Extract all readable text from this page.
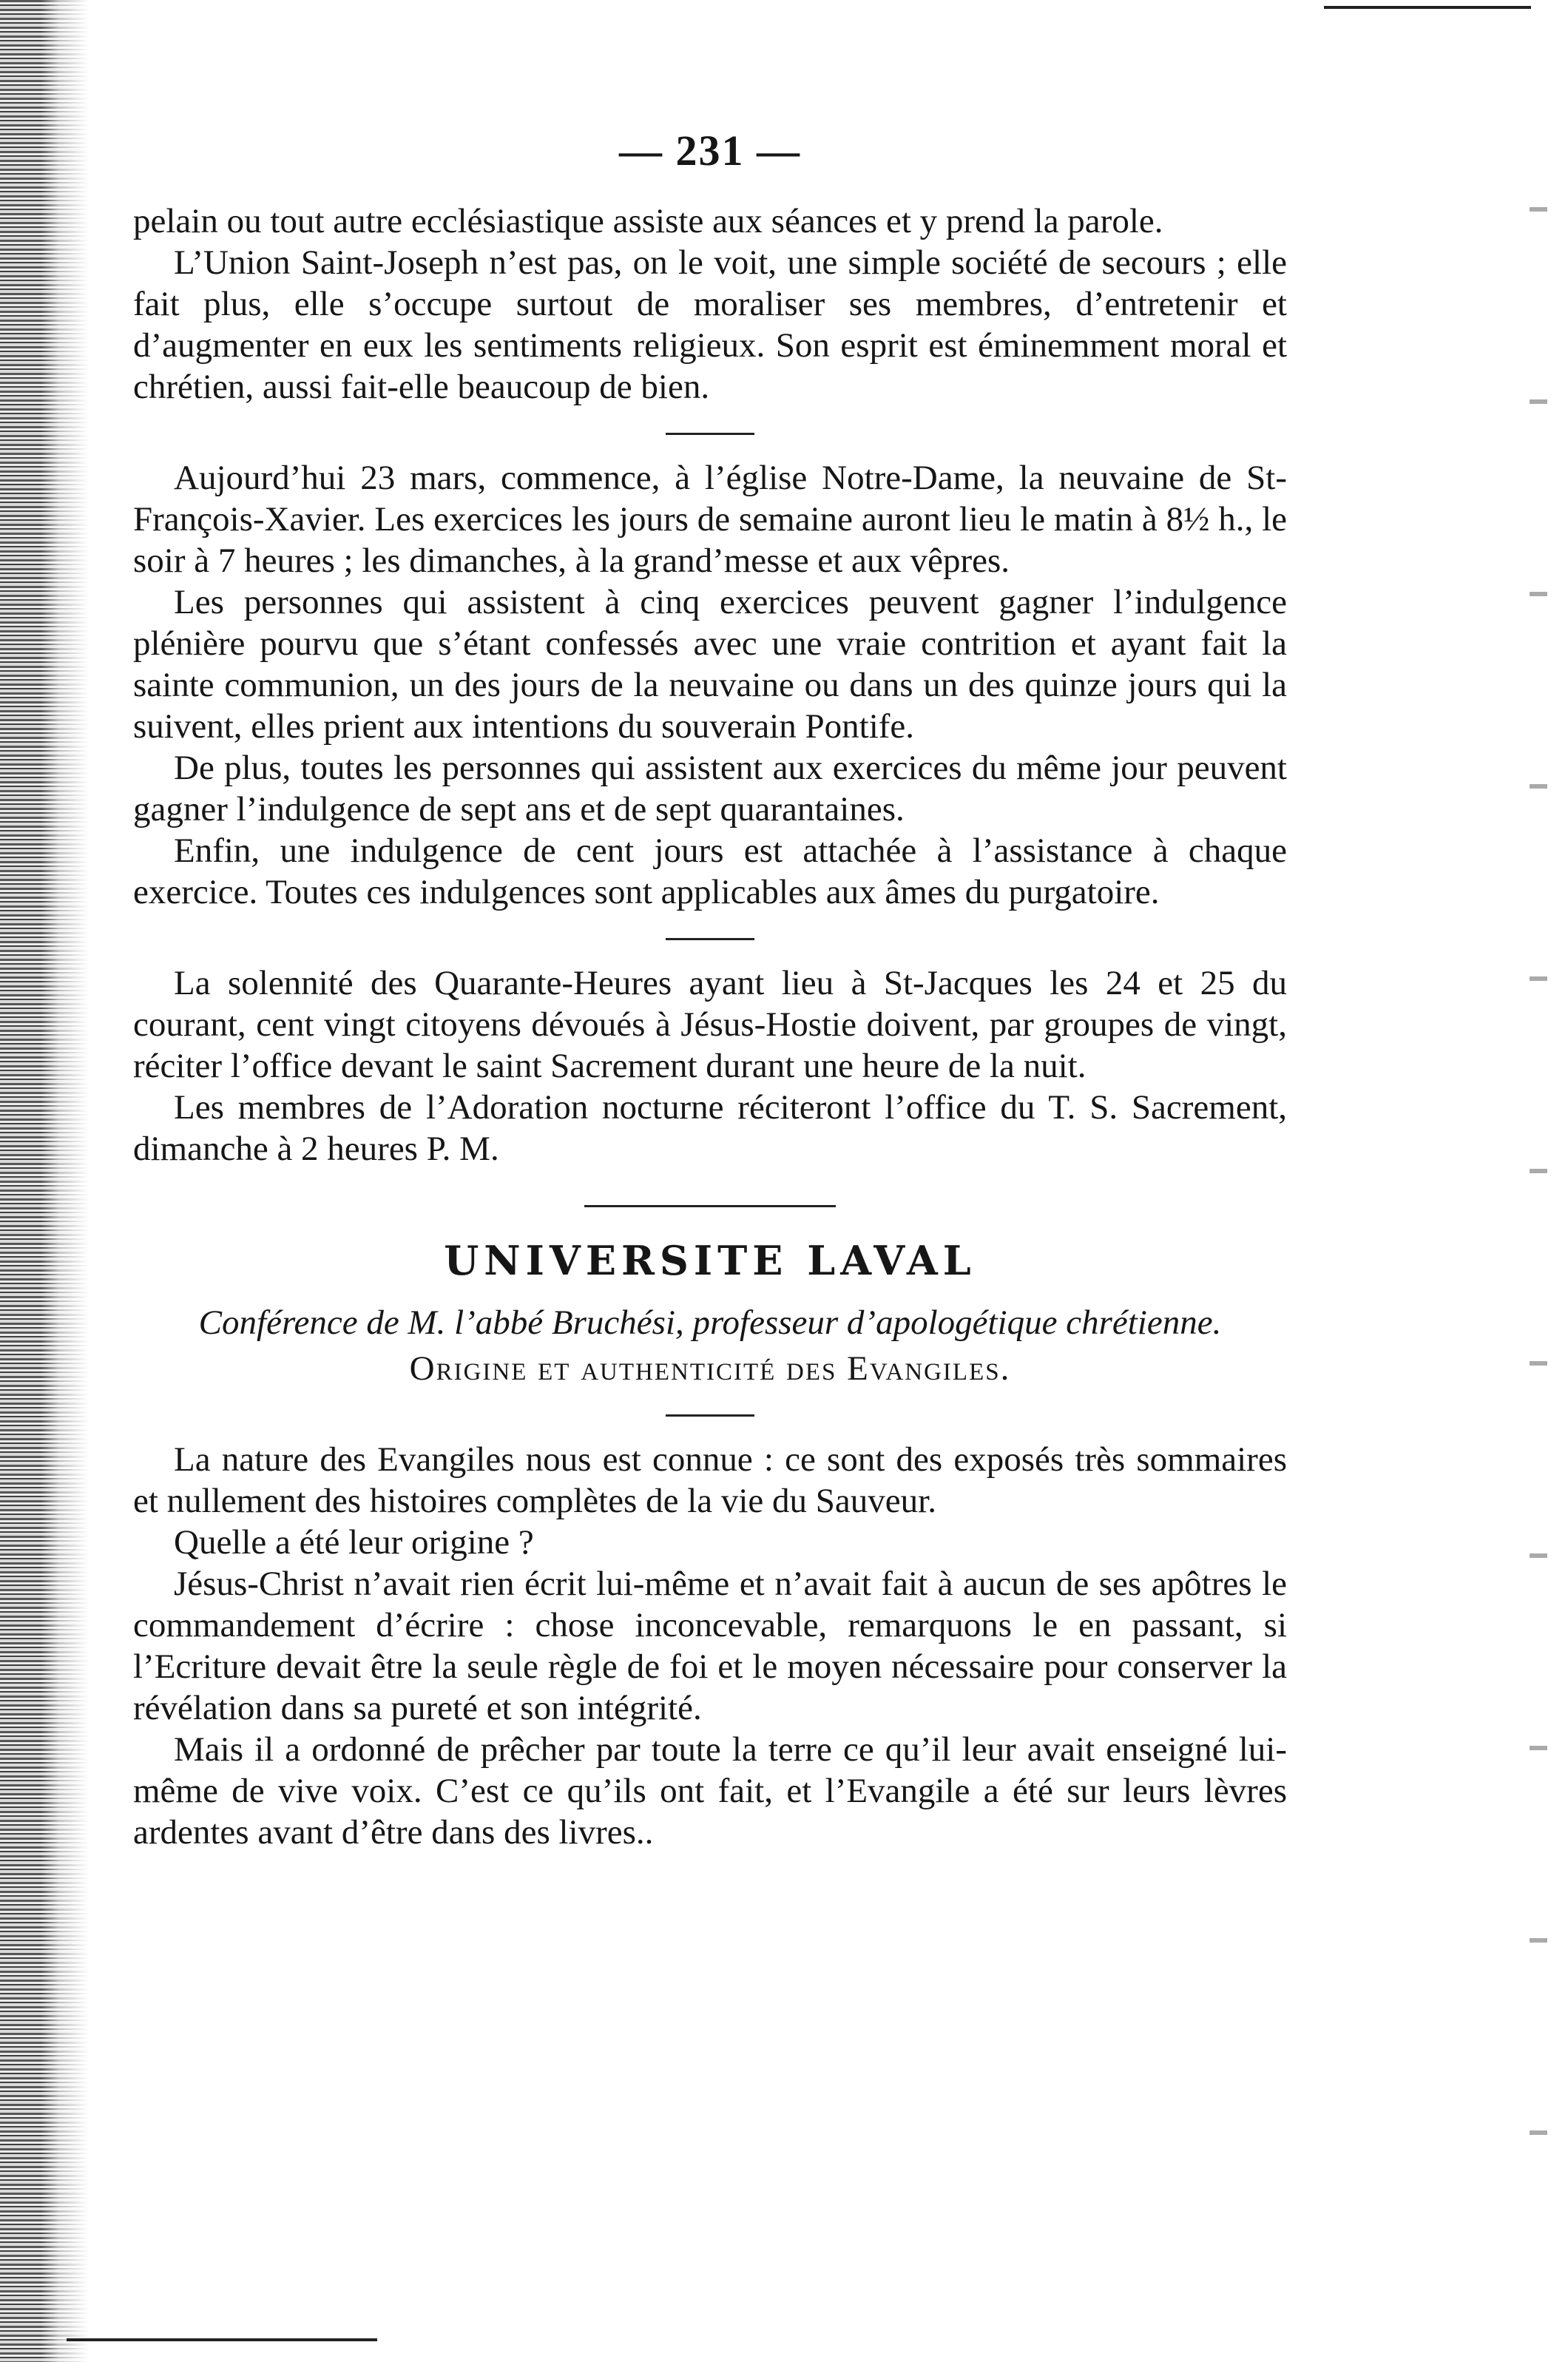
— 231 —

pelain ou tout autre ecclésiastique assiste aux séances et y prend la parole.

L’Union Saint-Joseph n’est pas, on le voit, une simple société de secours ; elle fait plus, elle s’occupe surtout de moraliser ses membres, d’entretenir et d’augmenter en eux les sentiments religieux. Son esprit est éminemment moral et chrétien, aussi fait-elle beaucoup de bien.

Aujourd’hui 23 mars, commence, à l’église Notre-Dame, la neuvaine de St-François-Xavier. Les exercices les jours de semaine auront lieu le matin à 8½ h., le soir à 7 heures ; les dimanches, à la grand’messe et aux vêpres.

Les personnes qui assistent à cinq exercices peuvent gagner l’indulgence plénière pourvu que s’étant confessés avec une vraie contrition et ayant fait la sainte communion, un des jours de la neuvaine ou dans un des quinze jours qui la suivent, elles prient aux intentions du souverain Pontife.

De plus, toutes les personnes qui assistent aux exercices du même jour peuvent gagner l’indulgence de sept ans et de sept quarantaines.

Enfin, une indulgence de cent jours est attachée à l’assistance à chaque exercice. Toutes ces indulgences sont applicables aux âmes du purgatoire.

La solennité des Quarante-Heures ayant lieu à St-Jacques les 24 et 25 du courant, cent vingt citoyens dévoués à Jésus-Hostie doivent, par groupes de vingt, réciter l’office devant le saint Sacrement durant une heure de la nuit.

Les membres de l’Adoration nocturne réciteront l’office du T. S. Sacrement, dimanche à 2 heures P. M.

UNIVERSITE LAVAL
Conférence de M. l’abbé Bruchési, professeur d’apologétique chrétienne.
Origine et authenticité des Evangiles.

La nature des Evangiles nous est connue : ce sont des exposés très sommaires et nullement des histoires complètes de la vie du Sauveur.

Quelle a été leur origine ?

Jésus-Christ n’avait rien écrit lui-même et n’avait fait à aucun de ses apôtres le commandement d’écrire : chose inconcevable, remarquons le en passant, si l’Ecriture devait être la seule règle de foi et le moyen nécessaire pour conserver la révélation dans sa pureté et son intégrité.

Mais il a ordonné de prêcher par toute la terre ce qu’il leur avait enseigné lui-même de vive voix. C’est ce qu’ils ont fait, et l’Evangile a été sur leurs lèvres ardentes avant d’être dans des livres..
